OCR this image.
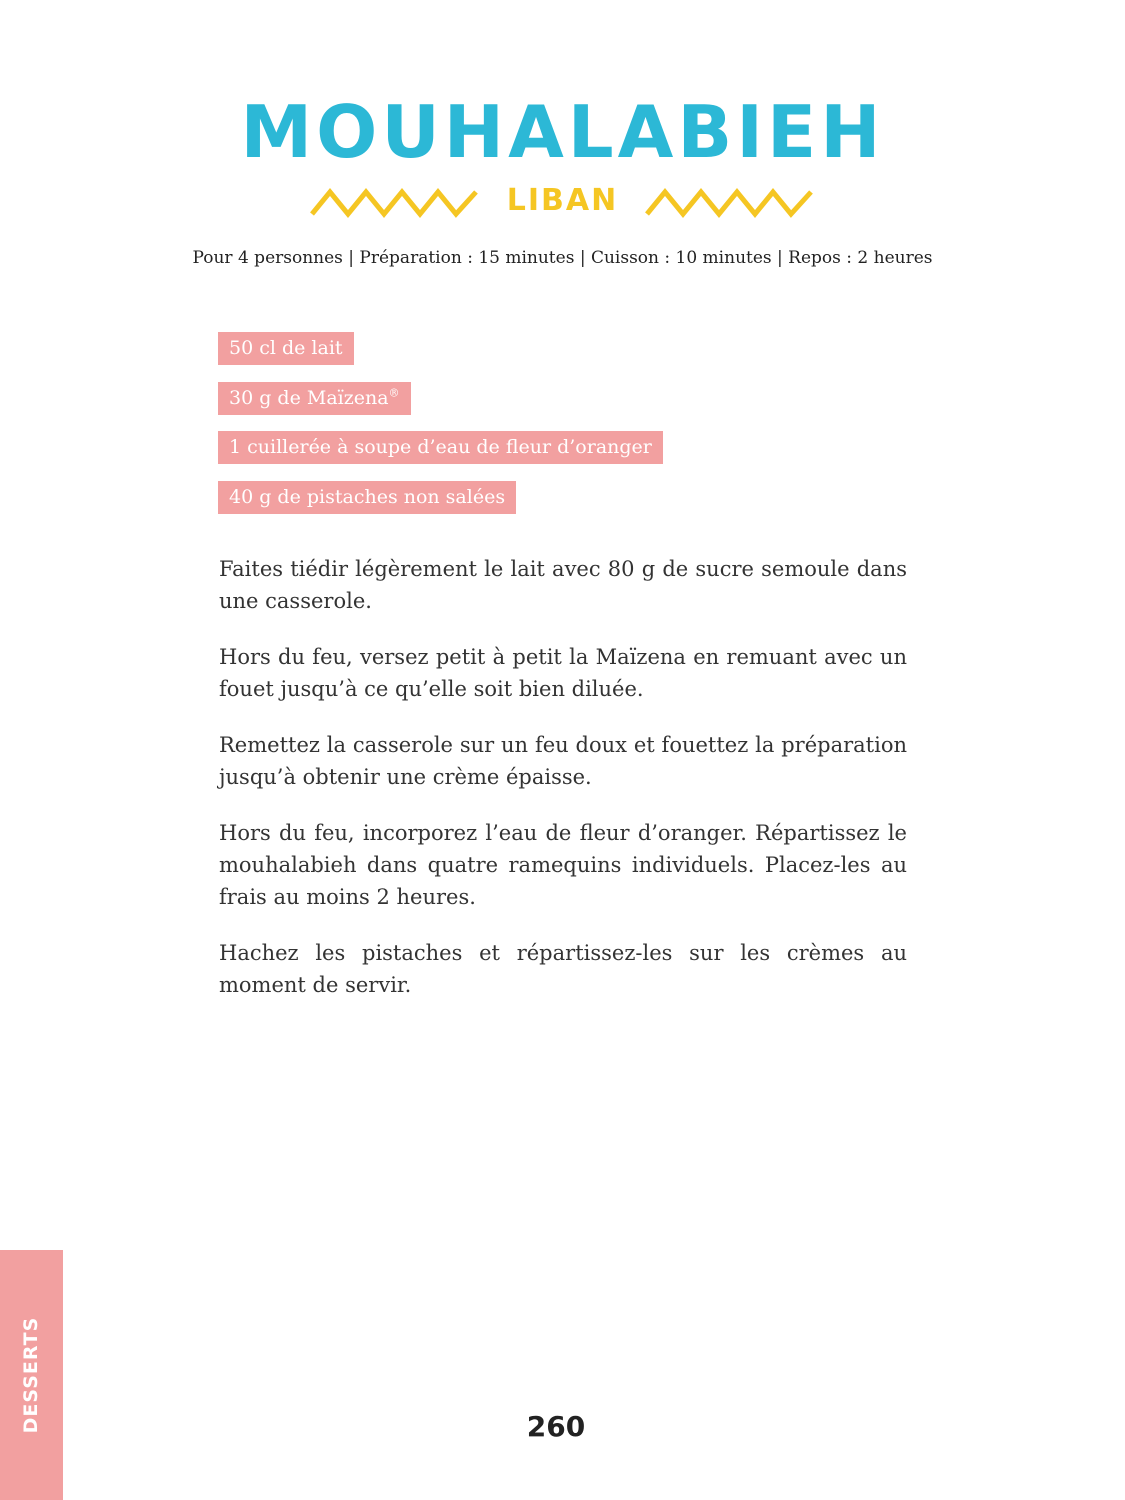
MOUHALABIEH
LIBAN
Pour 4 personnes | Préparation : 15 minutes | Cuisson : 10 minutes | Repos : 2 heures
50 cl de lait
30 g de Maïzena®
1 cuillerée à soupe d’eau de fleur d’oranger
40 g de pistaches non salées

Faites tiédir légèrement le lait avec 80 g de sucre semoule dans une casserole.

Hors du feu, versez petit à petit la Maïzena en remuant avec un fouet jusqu’à ce qu’elle soit bien diluée.

Remettez la casserole sur un feu doux et fouettez la préparation jusqu’à obtenir une crème épaisse.

Hors du feu, incorporez l’eau de fleur d’oranger. Répartissez le mouhalabieh dans quatre ramequins individuels. Placez-les au frais au moins 2 heures.

Hachez les pistaches et répartissez-les sur les crèmes au moment de servir.

DESSERTS	260
